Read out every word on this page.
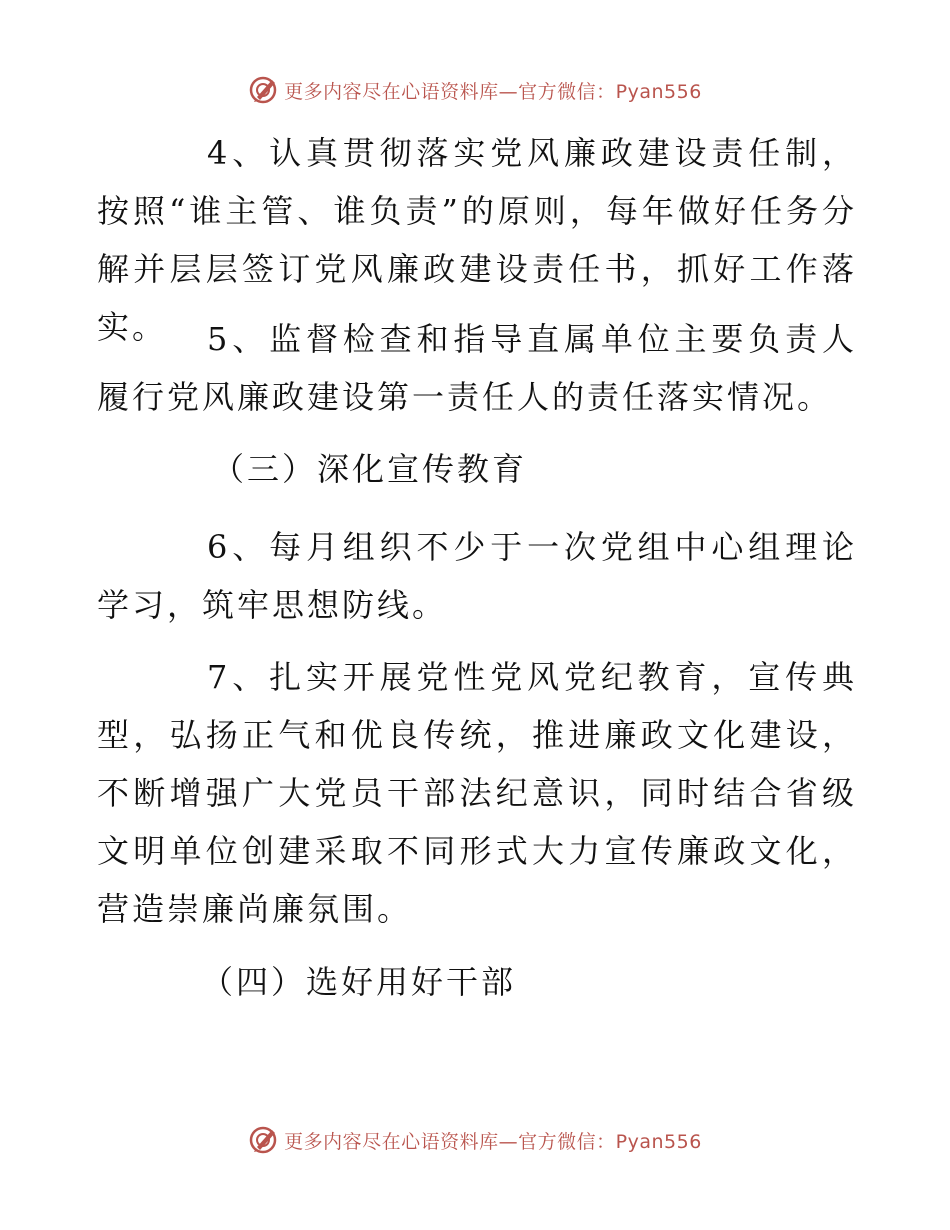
更多内容尽在心语资料库—官方微信：Pyan556
4、认真贯彻落实党风廉政建设责任制，按照“谁主管、谁负责”的原则，每年做好任务分解并层层签订党风廉政建设责任书，抓好工作落实。	5、监督检查和指导直属单位主要负责人履行党风廉政建设第一责任人的责任落实情况。
（三）深化宣传教育
6、每月组织不少于一次党组中心组理论学习，筑牢思想防线。
7、扎实开展党性党风党纪教育，宣传典型，弘扬正气和优良传统，推进廉政文化建设，不断增强广大党员干部法纪意识，同时结合省级文明单位创建采取不同形式大力宣传廉政文化，营造崇廉尚廉氛围。
（四）选好用好干部
更多内容尽在心语资料库—官方微信：Pyan556
